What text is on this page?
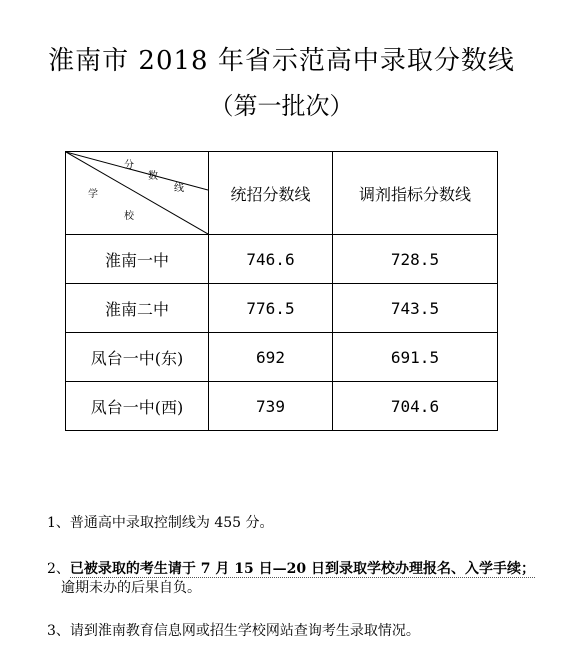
淮南市 2018 年省示范高中录取分数线
（第一批次）
分
数
线
学
校	统招分数线	调剂指标分数线
淮南一中	746.6	728.5
淮南二中	776.5	743.5
凤台一中(东)	692	691.5
凤台一中(西)	739	704.6

1、普通高中录取控制线为 455 分。

2、已被录取的考生请于 7 月 15 日—20 日到录取学校办理报名、入学手续；
逾期未办的后果自负。

3、请到淮南教育信息网或招生学校网站查询考生录取情况。
